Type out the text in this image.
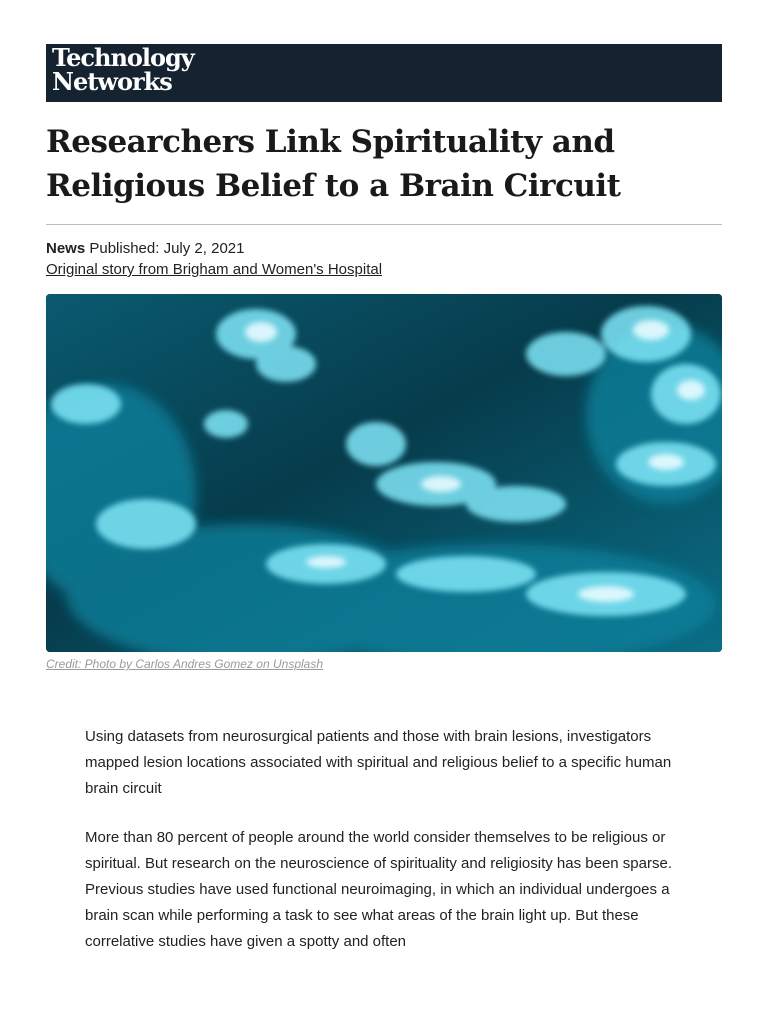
Technology
Networks
Researchers Link Spirituality and Religious Belief to a Brain Circuit
News Published: July 2, 2021
Original story from Brigham and Women's Hospital
Credit: Photo by Carlos Andres Gomez on Unsplash

Using datasets from neurosurgical patients and those with brain lesions, investigators mapped lesion locations associated with spiritual and religious belief to a specific human brain circuit

More than 80 percent of people around the world consider themselves to be religious or spiritual. But research on the neuroscience of spirituality and religiosity has been sparse. Previous studies have used functional neuroimaging, in which an individual undergoes a brain scan while performing a task to see what areas of the brain light up. But these correlative studies have given a spotty and often
